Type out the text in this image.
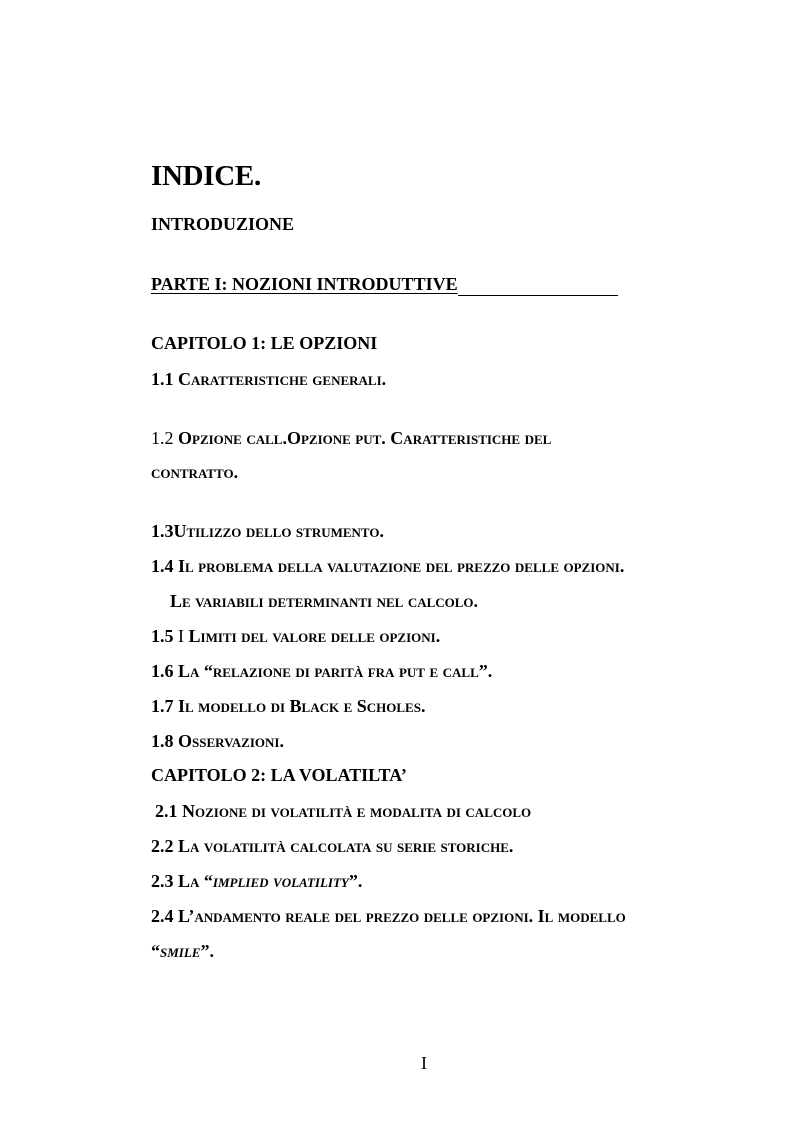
INDICE.
INTRODUZIONE
PARTE I: NOZIONI INTRODUTTIVE
CAPITOLO 1: LE OPZIONI
1.1 Caratteristiche generali.
1.2 Opzione call.Opzione put. Caratteristiche del
contratto.
1.3Utilizzo dello strumento.
1.4 Il problema della valutazione del prezzo delle opzioni.
Le variabili determinanti nel calcolo.
1.5 I Limiti del valore delle opzioni.
1.6 La “relazione di parità fra put e call”.
1.7 Il modello di Black e Scholes.
1.8 Osservazioni.
CAPITOLO 2: LA VOLATILTA’
2.1 Nozione di volatilità e modalita di calcolo
2.2 La volatilità calcolata su serie storiche.
2.3 La “implied volatility”.
2.4 L’andamento reale del prezzo delle opzioni. Il modello
“smile”.
I
